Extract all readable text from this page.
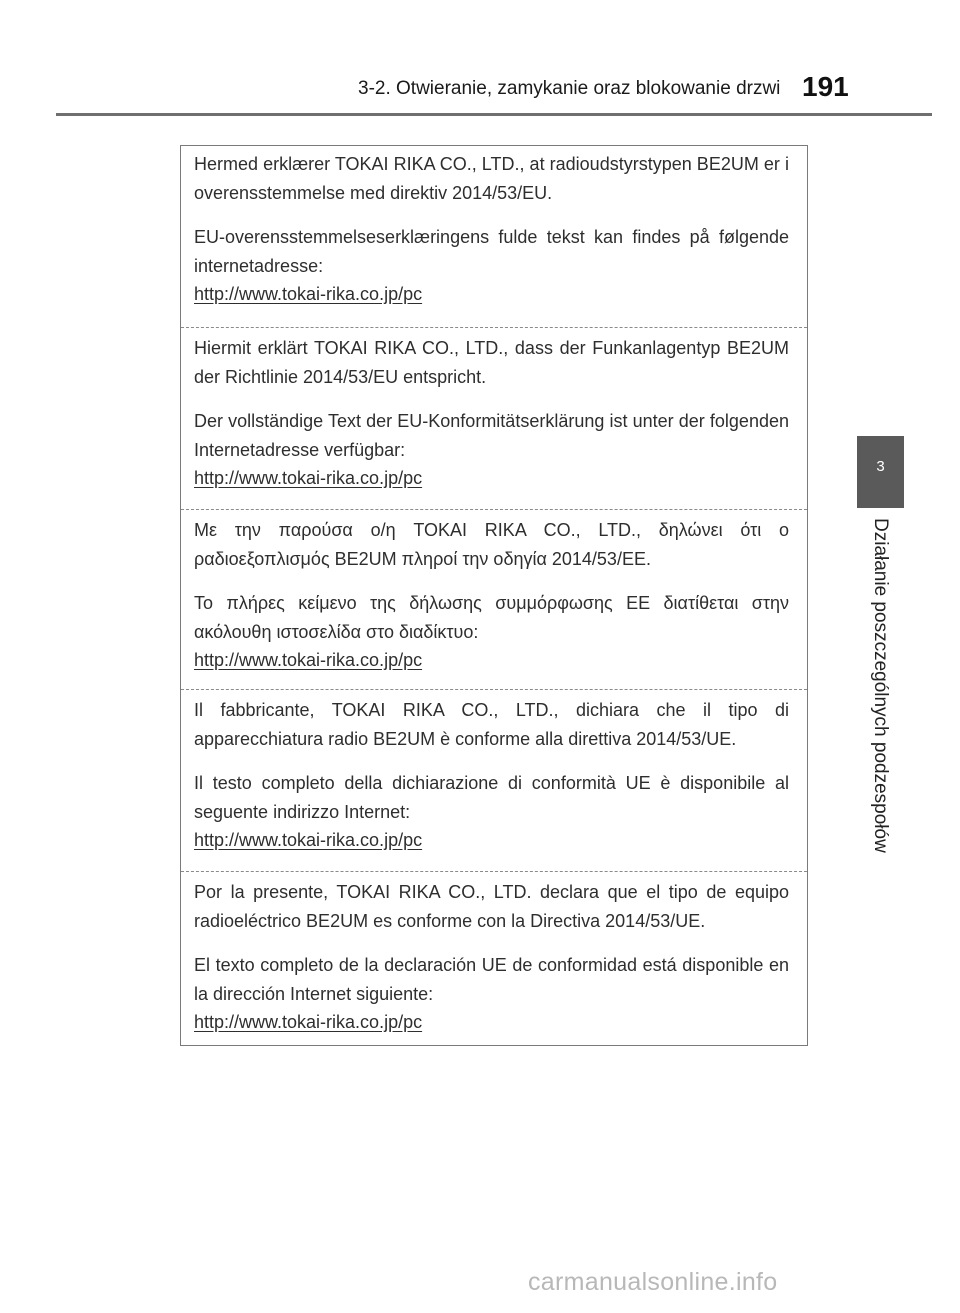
3-2. Otwieranie, zamykanie oraz blokowanie drzwi 191
3
Działanie poszczególnych podzespołów
Hermed erklærer TOKAI RIKA CO., LTD., at radioudstyrstypen BE2UM er i overensstemmelse med direktiv 2014/53/EU.
EU-overensstemmelseserklæringens fulde tekst kan findes på følgende internetadresse:
http://www.tokai-rika.co.jp/pc
Hiermit erklärt TOKAI RIKA CO., LTD., dass der Funkanlagentyp BE2UM der Richtlinie 2014/53/EU entspricht.
Der vollständige Text der EU-Konformitätserklärung ist unter der folgenden Internetadresse verfügbar:
http://www.tokai-rika.co.jp/pc
Με την παρούσα ο/η TOKAI RIKA CO., LTD., δηλώνει ότι ο ραδιοεξοπλισμός BE2UM πληροί την οδηγία 2014/53/ΕΕ.
Το πλήρες κείμενο της δήλωσης συμμόρφωσης ΕΕ διατίθεται στην ακόλουθη ιστοσελίδα στο διαδίκτυο:
http://www.tokai-rika.co.jp/pc
Il fabbricante, TOKAI RIKA CO., LTD., dichiara che il tipo di apparecchiatura radio BE2UM è conforme alla direttiva 2014/53/UE.
Il testo completo della dichiarazione di conformità UE è disponibile al seguente indirizzo Internet:
http://www.tokai-rika.co.jp/pc
Por la presente, TOKAI RIKA CO., LTD. declara que el tipo de equipo radioeléctrico BE2UM es conforme con la Directiva 2014/53/UE.
El texto completo de la declaración UE de conformidad está disponible en la dirección Internet siguiente:
http://www.tokai-rika.co.jp/pc
carmanualsonline.info
